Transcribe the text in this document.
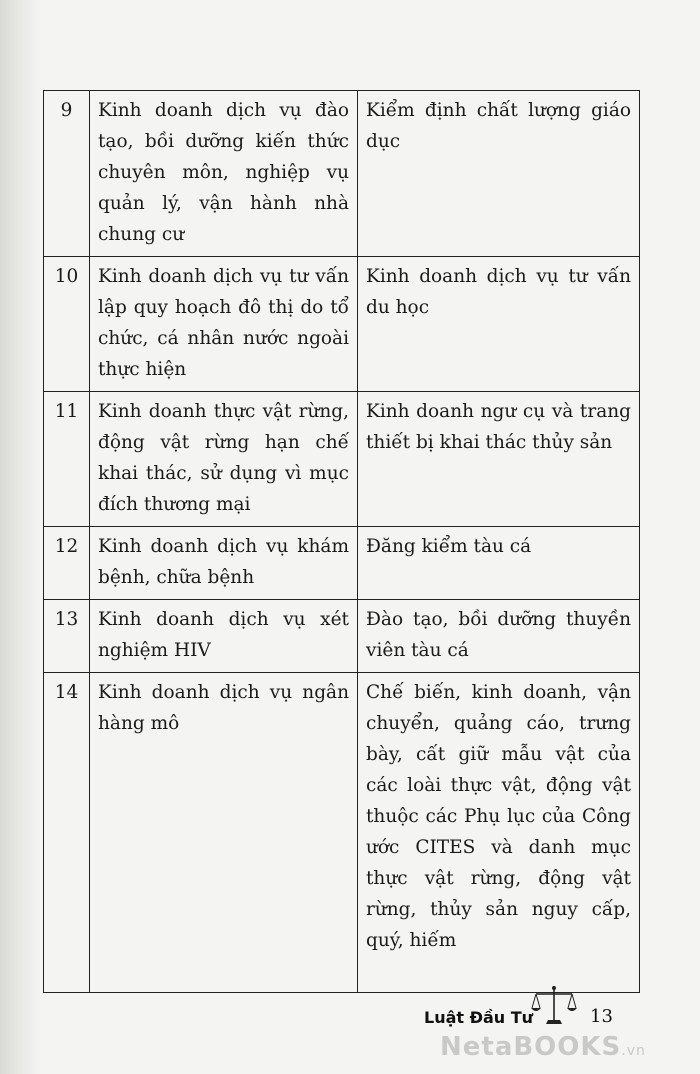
9	Kinh doanh dịch vụ đào tạo, bồi dưỡng kiến thức chuyên môn, nghiệp vụ quản lý, vận hành nhà chung cư	Kiểm định chất lượng giáo dục
10	Kinh doanh dịch vụ tư vấn lập quy hoạch đô thị do tổ chức, cá nhân nước ngoài thực hiện	Kinh doanh dịch vụ tư vấn du học
11	Kinh doanh thực vật rừng, động vật rừng hạn chế khai thác, sử dụng vì mục đích thương mại	Kinh doanh ngư cụ và trang thiết bị khai thác thủy sản
12	Kinh doanh dịch vụ khám bệnh, chữa bệnh	Đăng kiểm tàu cá
13	Kinh doanh dịch vụ xét nghiệm HIV	Đào tạo, bồi dưỡng thuyền viên tàu cá
14	Kinh doanh dịch vụ ngân hàng mô	Chế biến, kinh doanh, vận chuyển, quảng cáo, trưng bày, cất giữ mẫu vật của các loài thực vật, động vật thuộc các Phụ lục của Công ước CITES và danh mục thực vật rừng, động vật rừng, thủy sản nguy cấp, quý, hiếm
Luật Đầu Tư	13
NetaBOOKS.vn
